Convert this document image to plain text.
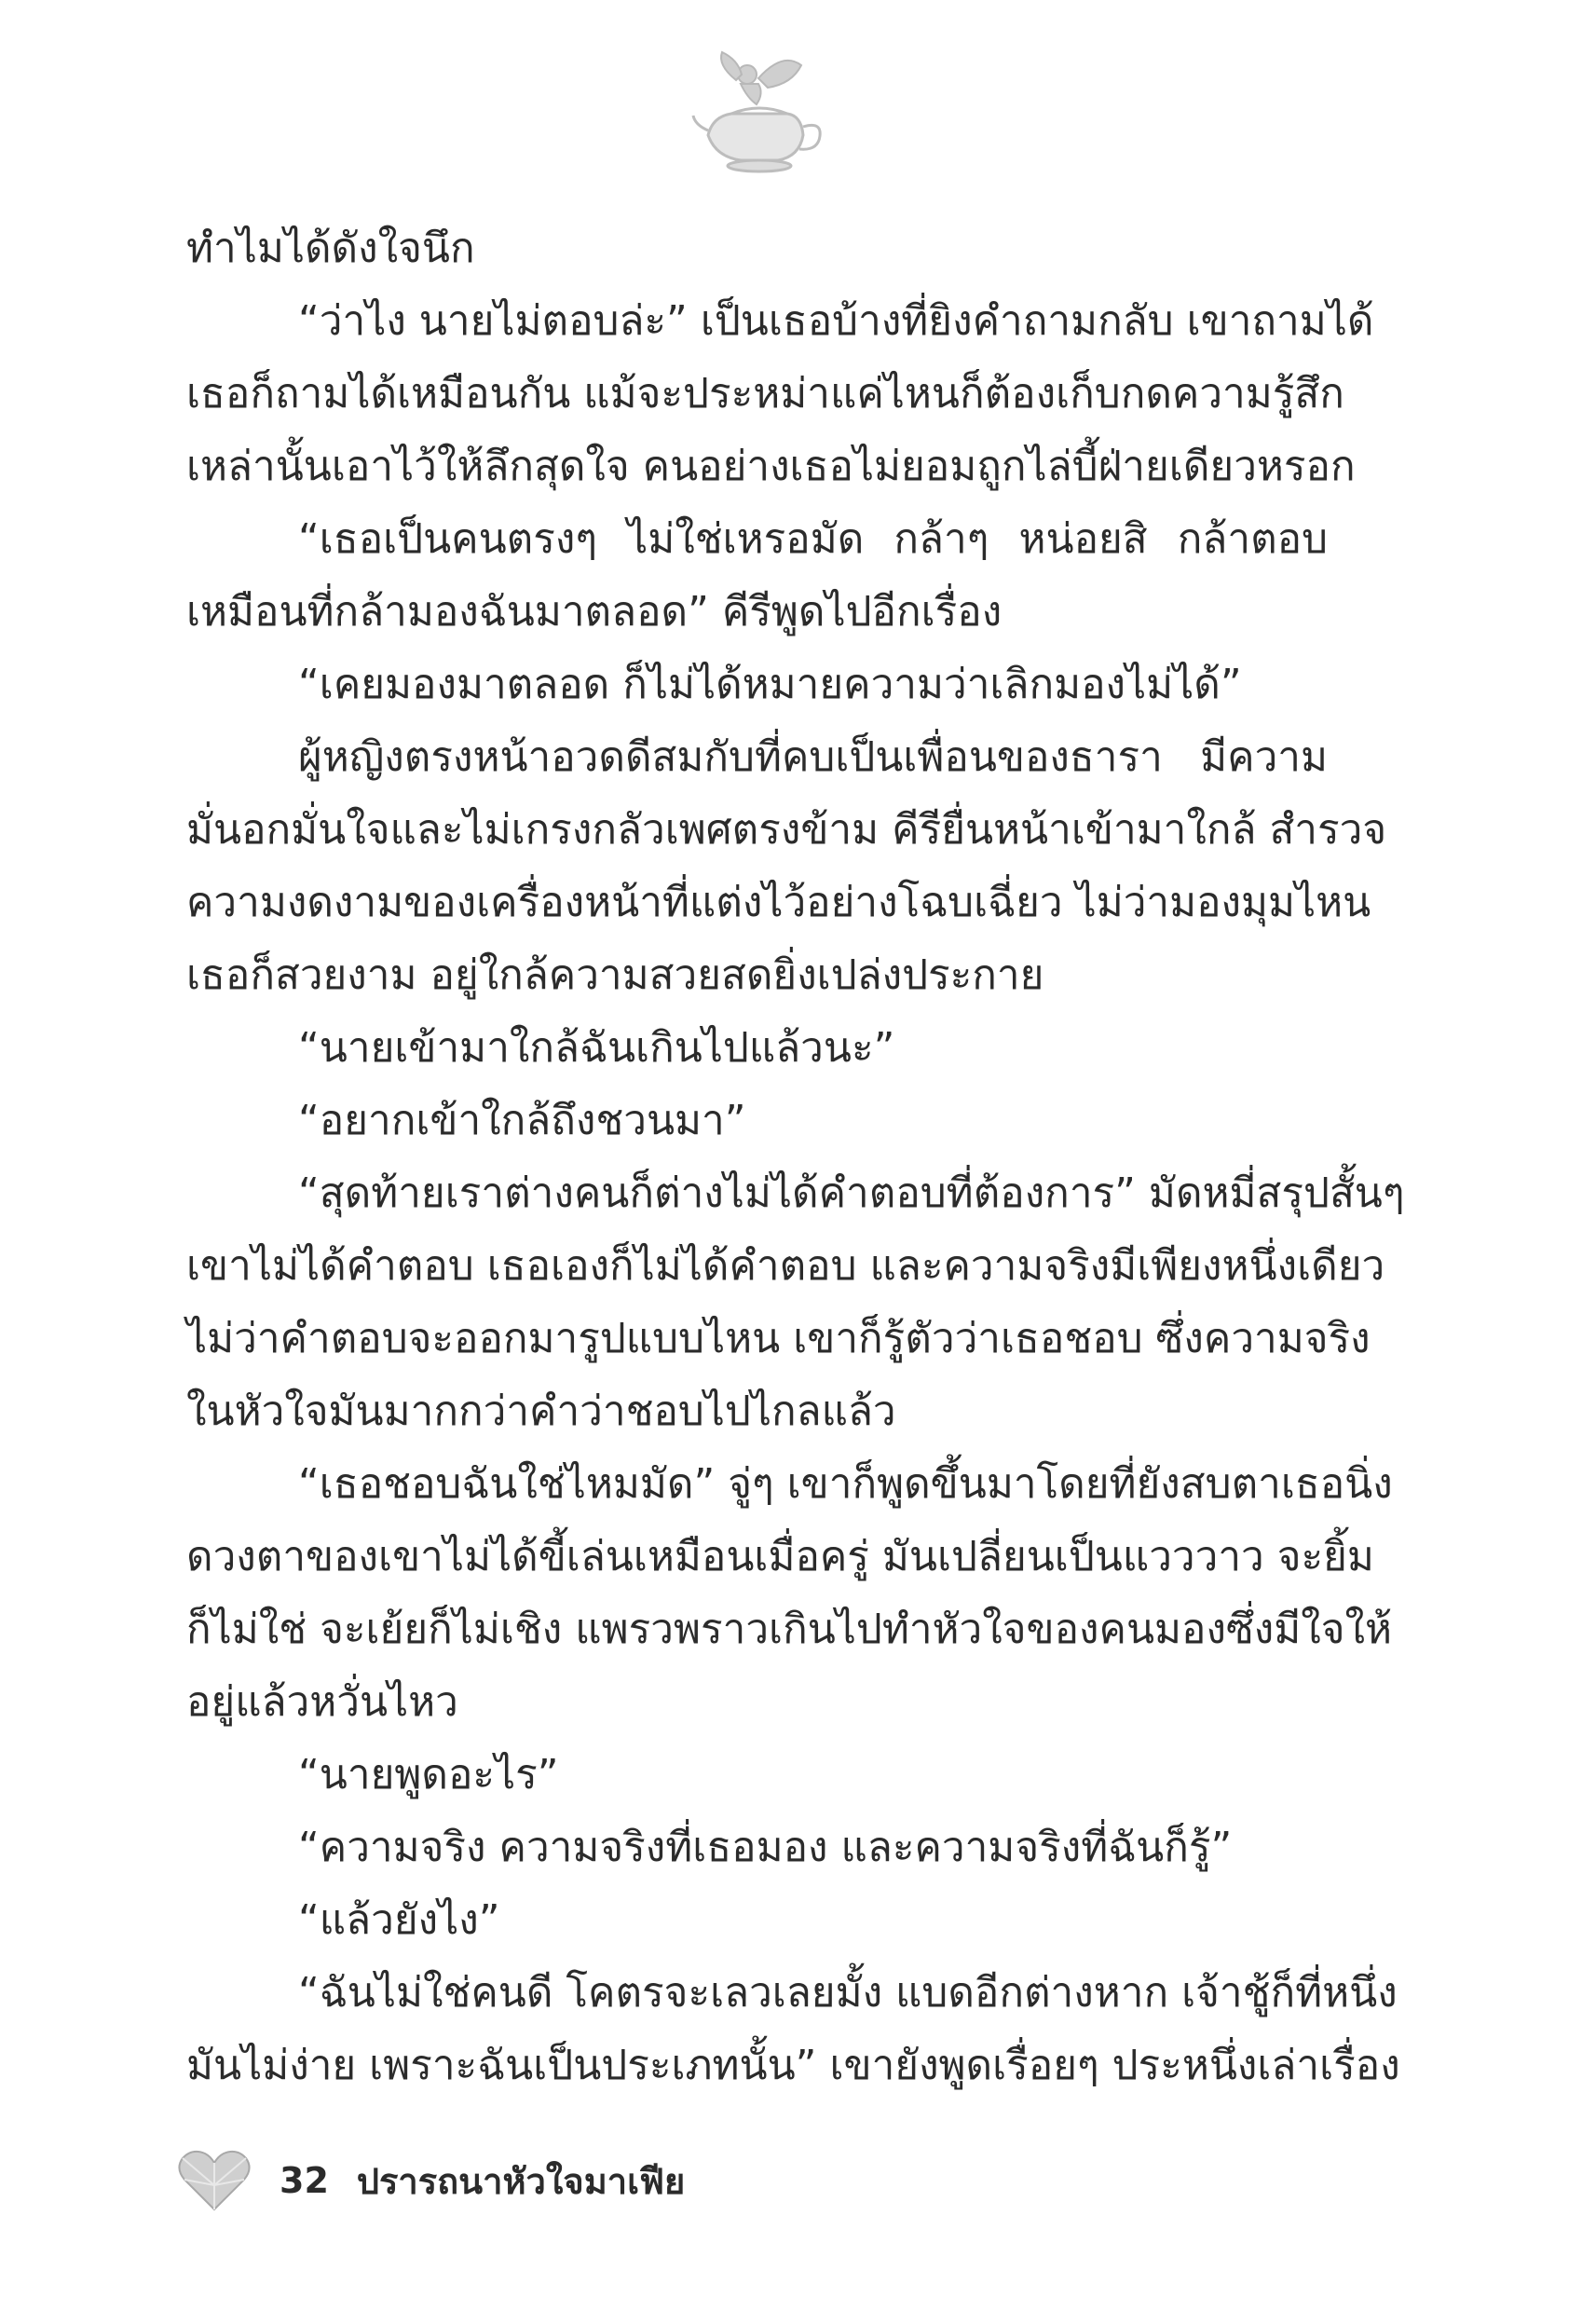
ทำไมได้ดังใจนึก
“ว่าไง นายไม่ตอบล่ะ” เป็นเธอบ้างที่ยิงคำถามกลับ เขาถามได้
เธอก็ถามได้เหมือนกัน แม้จะประหม่าแค่ไหนก็ต้องเก็บกดความรู้สึก
เหล่านั้นเอาไว้ให้ลึกสุดใจ คนอย่างเธอไม่ยอมถูกไล่บี้ฝ่ายเดียวหรอก
“เธอเป็นคนตรงๆ ไม่ใช่เหรอมัด กล้าๆ หน่อยสิ กล้าตอบ
เหมือนที่กล้ามองฉันมาตลอด” คีรีพูดไปอีกเรื่อง
“เคยมองมาตลอด ก็ไม่ได้หมายความว่าเลิกมองไม่ได้”
ผู้หญิงตรงหน้าอวดดีสมกับที่คบเป็นเพื่อนของธารา มีความ
มั่นอกมั่นใจและไม่เกรงกลัวเพศตรงข้าม คีรียื่นหน้าเข้ามาใกล้ สำรวจ
ความงดงามของเครื่องหน้าที่แต่งไว้อย่างโฉบเฉี่ยว ไม่ว่ามองมุมไหน
เธอก็สวยงาม อยู่ใกล้ความสวยสดยิ่งเปล่งประกาย
“นายเข้ามาใกล้ฉันเกินไปแล้วนะ”
“อยากเข้าใกล้ถึงชวนมา”
“สุดท้ายเราต่างคนก็ต่างไม่ได้คำตอบที่ต้องการ” มัดหมี่สรุปสั้นๆ
เขาไม่ได้คำตอบ เธอเองก็ไม่ได้คำตอบ และความจริงมีเพียงหนึ่งเดียว
ไม่ว่าคำตอบจะออกมารูปแบบไหน เขาก็รู้ตัวว่าเธอชอบ ซึ่งความจริง
ในหัวใจมันมากกว่าคำว่าชอบไปไกลแล้ว
“เธอชอบฉันใช่ไหมมัด” จู่ๆ เขาก็พูดขึ้นมาโดยที่ยังสบตาเธอนิ่ง
ดวงตาของเขาไม่ได้ขี้เล่นเหมือนเมื่อครู่ มันเปลี่ยนเป็นแวววาว จะยิ้ม
ก็ไม่ใช่ จะเย้ยก็ไม่เชิง แพรวพราวเกินไปทำหัวใจของคนมองซึ่งมีใจให้
อยู่แล้วหวั่นไหว
“นายพูดอะไร”
“ความจริง ความจริงที่เธอมอง และความจริงที่ฉันก็รู้”
“แล้วยังไง”
“ฉันไม่ใช่คนดี โคตรจะเลวเลยมั้ง แบดอีกต่างหาก เจ้าชู้ก็ที่หนึ่ง
มันไม่ง่าย เพราะฉันเป็นประเภทนั้น” เขายังพูดเรื่อยๆ ประหนึ่งเล่าเรื่อง
32 ปรารถนาหัวใจมาเฟีย
